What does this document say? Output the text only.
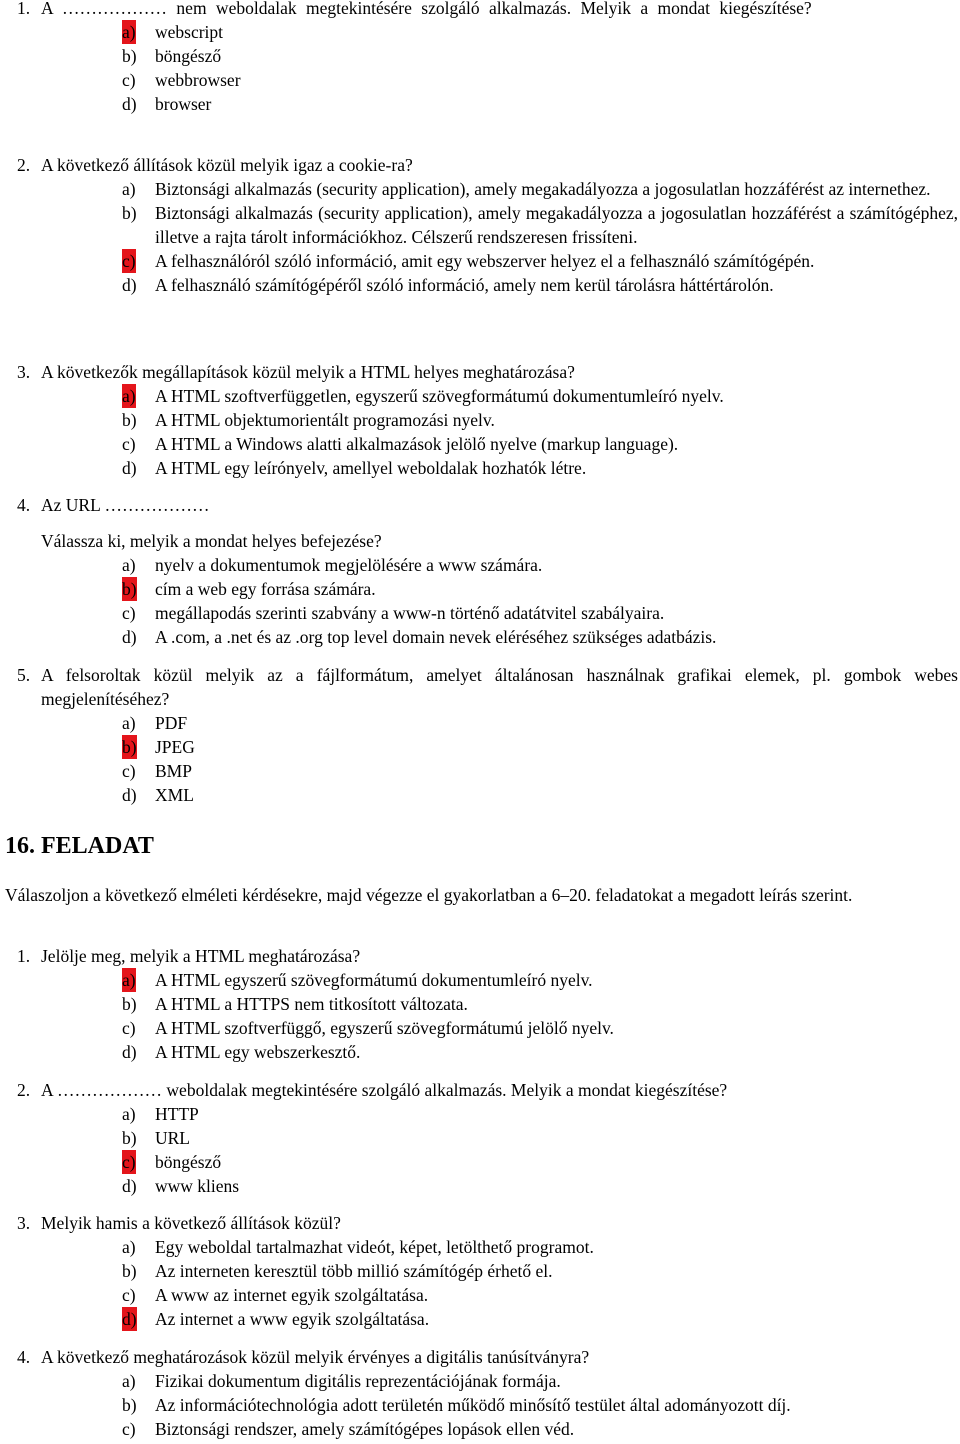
1. A ……………… nem weboldalak megtekintésére szolgáló alkalmazás. Melyik a mondat kiegészítése?
a) webscript
b) böngésző
c) webbrowser
d) browser
2. A következő állítások közül melyik igaz a cookie-ra?
a) Biztonsági alkalmazás (security application), amely megakadályozza a jogosulatlan hozzáférést az internethez.
b) Biztonsági alkalmazás (security application), amely megakadályozza a jogosulatlan hozzáférést a számítógéphez, illetve a rajta tárolt információkhoz. Célszerű rendszeresen frissíteni.
c) A felhasználóról szóló információ, amit egy webszerver helyez el a felhasználó számítógépén.
d) A felhasználó számítógépéről szóló információ, amely nem kerül tárolásra háttértárolón.
3. A következők megállapítások közül melyik a HTML helyes meghatározása?
a) A HTML szoftverfüggetlen, egyszerű szövegformátumú dokumentumleíró nyelv.
b) A HTML objektumorientált programozási nyelv.
c) A HTML a Windows alatti alkalmazások jelölő nyelve (markup language).
d) A HTML egy leírónyelv, amellyel weboldalak hozhatók létre.
4. Az URL ………………
Válassza ki, melyik a mondat helyes befejezése?
a) nyelv a dokumentumok megjelölésére a www számára.
b) cím a web egy forrása számára.
c) megállapodás szerinti szabvány a www-n történő adatátvitel szabályaira.
d) A .com, a .net és az .org top level domain nevek eléréséhez szükséges adatbázis.
5. A felsoroltak közül melyik az a fájlformátum, amelyet általánosan használnak grafikai elemek, pl. gombok webes megjelenítéséhez?
a) PDF
b) JPEG
c) BMP
d) XML
16. FELADAT
Válaszoljon a következő elméleti kérdésekre, majd végezze el gyakorlatban a 6–20. feladatokat a megadott leírás szerint.
1. Jelölje meg, melyik a HTML meghatározása?
a) A HTML egyszerű szövegformátumú dokumentumleíró nyelv.
b) A HTML a HTTPS nem titkosított változata.
c) A HTML szoftverfüggő, egyszerű szövegformátumú jelölő nyelv.
d) A HTML egy webszerkesztő.
2. A ……………… weboldalak megtekintésére szolgáló alkalmazás. Melyik a mondat kiegészítése?
a) HTTP
b) URL
c) böngésző
d) www kliens
3. Melyik hamis a következő állítások közül?
a) Egy weboldal tartalmazhat videót, képet, letölthető programot.
b) Az interneten keresztül több millió számítógép érhető el.
c) A www az internet egyik szolgáltatása.
d) Az internet a www egyik szolgáltatása.
4. A következő meghatározások közül melyik érvényes a digitális tanúsítványra?
a) Fizikai dokumentum digitális reprezentációjának formája.
b) Az információtechnológia adott területén működő minősítő testület által adományozott díj.
c) Biztonsági rendszer, amely számítógépes lopások ellen véd.
